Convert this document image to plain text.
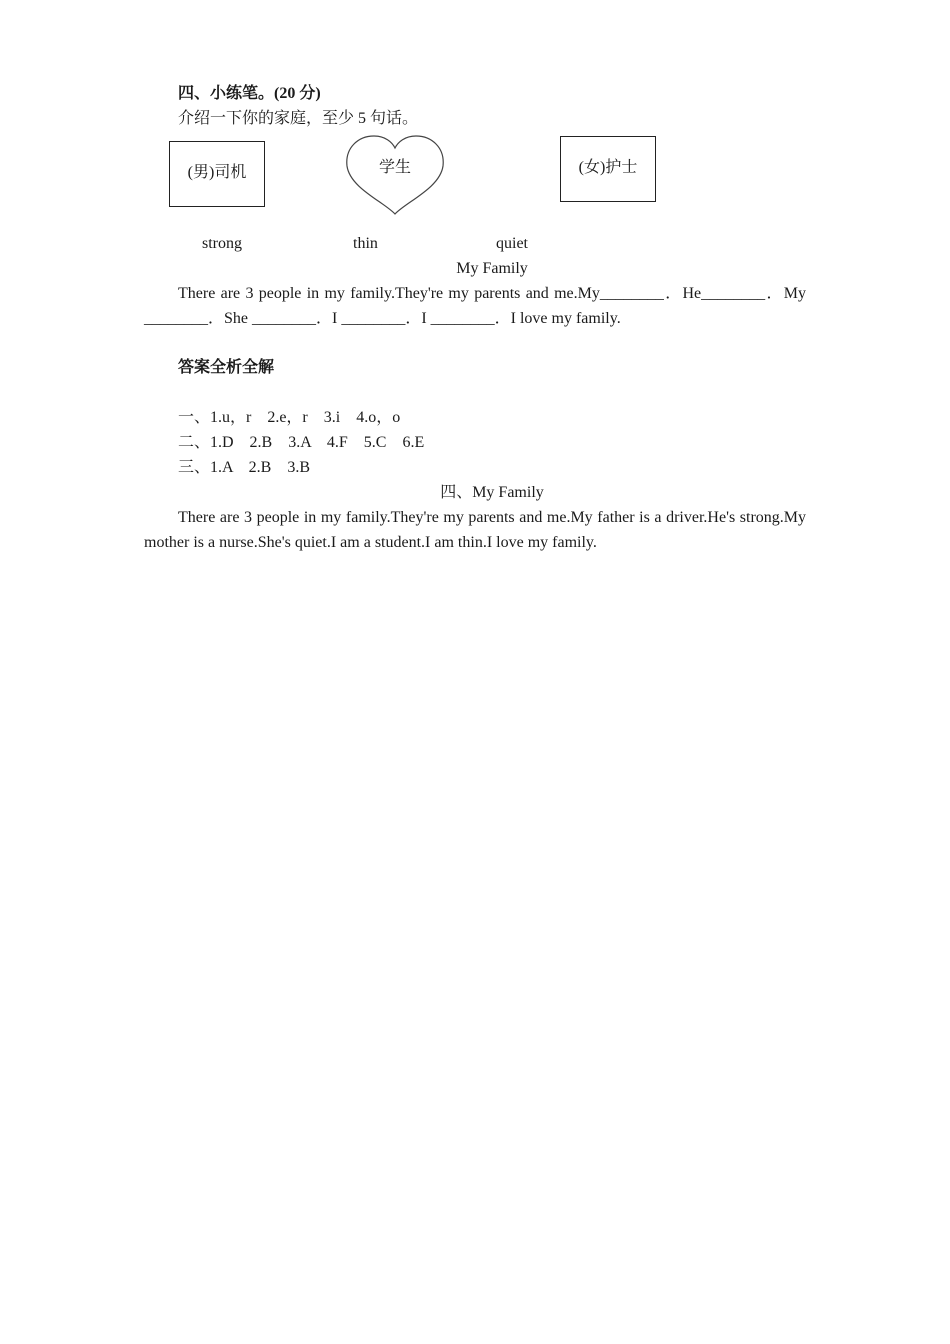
四、小练笔。(20 分)
介绍一下你的家庭，至少 5 句话。
(男)司机	学生	(女)护士
strong	thin	quiet
My Family
There are 3 people in my family.They're my parents and me.My________．He________．My ________．She ________．I ________．I ________．I love my family.
答案全析全解
一、1.u，r　2.e，r　3.i　4.o，o
二、1.D　2.B　3.A　4.F　5.C　6.E
三、1.A　2.B　3.B
四、My Family
There are 3 people in my family.They're my parents and me.My father is a driver.He's strong.My mother is a nurse.She's quiet.I am a student.I am thin.I love my family.
